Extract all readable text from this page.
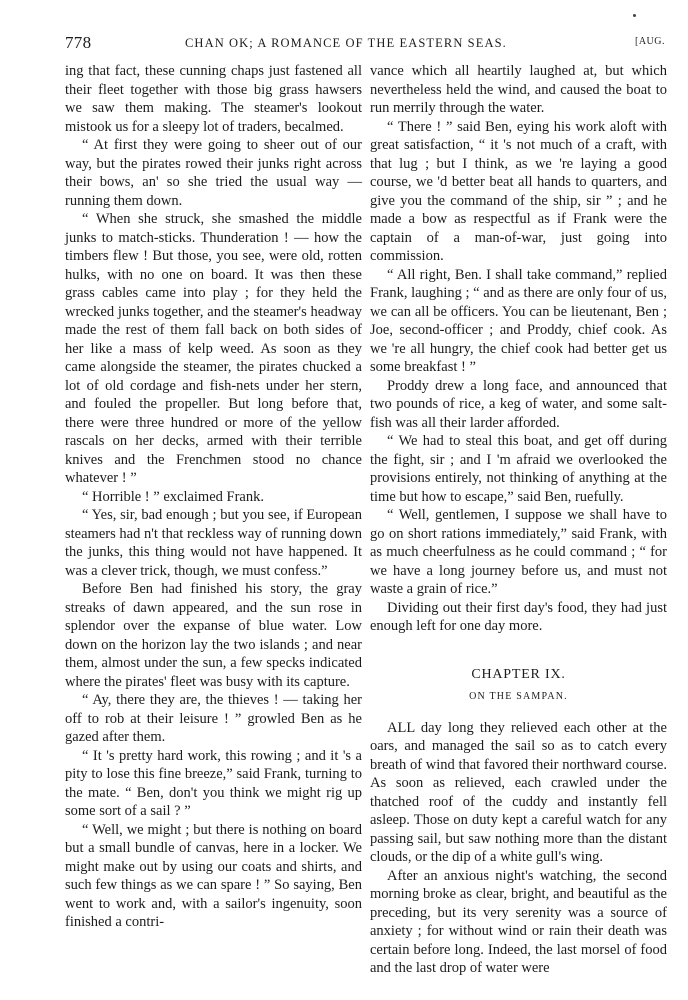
778	CHAN OK; A ROMANCE OF THE EASTERN SEAS.	[AUG.

ing that fact, these cunning chaps just fastened all their fleet together with those big grass hawsers we saw them making. The steamer's lookout mistook us for a sleepy lot of traders, becalmed.

“ At first they were going to sheer out of our way, but the pirates rowed their junks right across their bows, an' so she tried the usual way — running them down.

“ When she struck, she smashed the middle junks to match-sticks. Thunderation ! — how the timbers flew ! But those, you see, were old, rotten hulks, with no one on board. It was then these grass cables came into play ; for they held the wrecked junks together, and the steamer's headway made the rest of them fall back on both sides of her like a mass of kelp weed. As soon as they came alongside the steamer, the pirates chucked a lot of old cordage and fish-nets under her stern, and fouled the propeller. But long before that, there were three hundred or more of the yellow rascals on her decks, armed with their terrible knives and the Frenchmen stood no chance whatever ! ”

“ Horrible ! ” exclaimed Frank.

“ Yes, sir, bad enough ; but you see, if European steamers had n't that reckless way of running down the junks, this thing would not have happened. It was a clever trick, though, we must confess.”

Before Ben had finished his story, the gray streaks of dawn appeared, and the sun rose in splendor over the expanse of blue water. Low down on the horizon lay the two islands ; and near them, almost under the sun, a few specks indicated where the pirates' fleet was busy with its capture.

“ Ay, there they are, the thieves ! — taking her off to rob at their leisure ! ” growled Ben as he gazed after them.

“ It 's pretty hard work, this rowing ; and it 's a pity to lose this fine breeze,” said Frank, turning to the mate. “ Ben, don't you think we might rig up some sort of a sail ? ”

“ Well, we might ; but there is nothing on board but a small bundle of canvas, here in a locker. We might make out by using our coats and shirts, and such few things as we can spare ! ” So saying, Ben went to work and, with a sailor's ingenuity, soon finished a contri-

vance which all heartily laughed at, but which nevertheless held the wind, and caused the boat to run merrily through the water.

“ There ! ” said Ben, eying his work aloft with great satisfaction, “ it 's not much of a craft, with that lug ; but I think, as we 're laying a good course, we 'd better beat all hands to quarters, and give you the command of the ship, sir ” ; and he made a bow as respectful as if Frank were the captain of a man-of-war, just going into commission.

“ All right, Ben. I shall take command,” replied Frank, laughing ; “ and as there are only four of us, we can all be officers. You can be lieutenant, Ben ; Joe, second-officer ; and Proddy, chief cook. As we 're all hungry, the chief cook had better get us some breakfast ! ”

Proddy drew a long face, and announced that two pounds of rice, a keg of water, and some salt-fish was all their larder afforded.

“ We had to steal this boat, and get off during the fight, sir ; and I 'm afraid we overlooked the provisions entirely, not thinking of anything at the time but how to escape,” said Ben, ruefully.

“ Well, gentlemen, I suppose we shall have to go on short rations immediately,” said Frank, with as much cheerfulness as he could command ; “ for we have a long journey before us, and must not waste a grain of rice.”

Dividing out their first day's food, they had just enough left for one day more.

CHAPTER IX.
ON THE SAMPAN.

ALL day long they relieved each other at the oars, and managed the sail so as to catch every breath of wind that favored their northward course. As soon as relieved, each crawled under the thatched roof of the cuddy and instantly fell asleep. Those on duty kept a careful watch for any passing sail, but saw nothing more than the distant clouds, or the dip of a white gull's wing.

After an anxious night's watching, the second morning broke as clear, bright, and beautiful as the preceding, but its very serenity was a source of anxiety ; for without wind or rain their death was certain before long. Indeed, the last morsel of food and the last drop of water were
